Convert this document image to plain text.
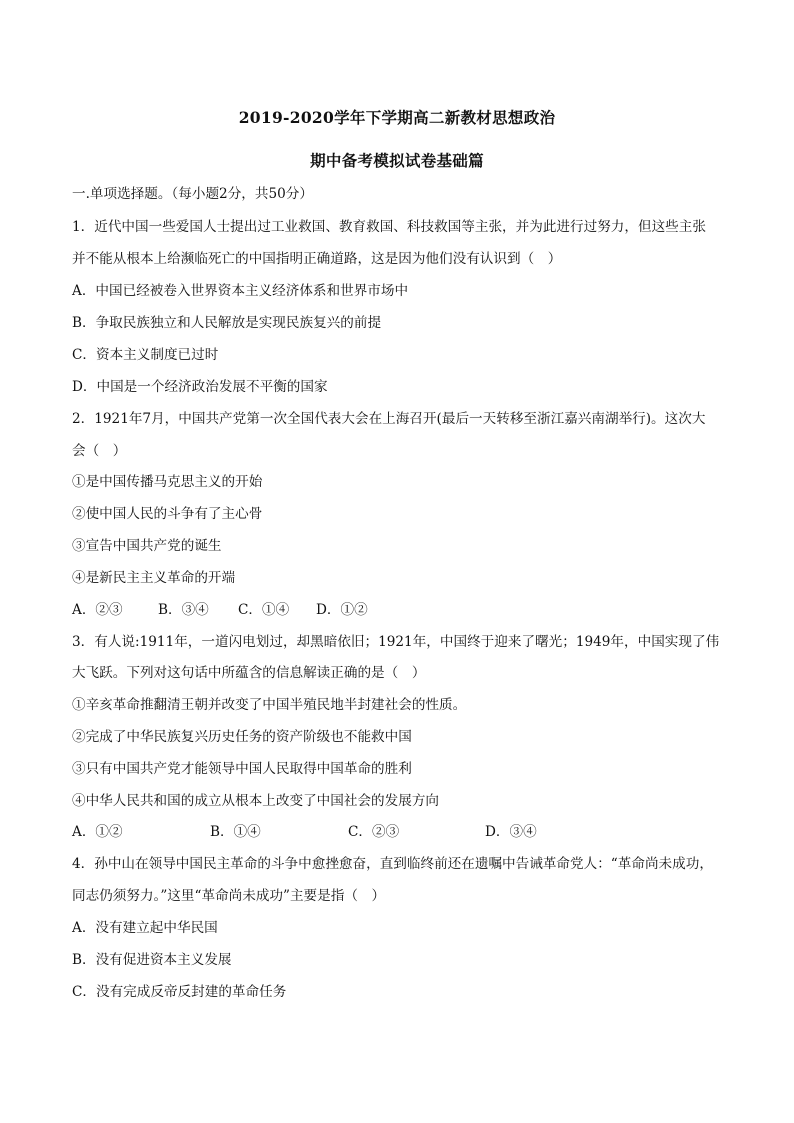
2019-2020学年下学期高二新教材思想政治
期中备考模拟试卷基础篇
一.单项选择题。（每小题2分，共50分）
1．近代中国一些爱国人士提出过工业救国、教育救国、科技救国等主张，并为此进行过努力，但这些主张
并不能从根本上给濒临死亡的中国指明正确道路，这是因为他们没有认识到（　）
A．中国已经被卷入世界资本主义经济体系和世界市场中
B．争取民族独立和人民解放是实现民族复兴的前提
C．资本主义制度已过时
D．中国是一个经济政治发展不平衡的国家
2．1921年7月，中国共产党第一次全国代表大会在上海召开(最后一天转移至浙江嘉兴南湖举行)。这次大
会（　）
①是中国传播马克思主义的开始
②使中国人民的斗争有了主心骨
③宣告中国共产党的诞生
④是新民主主义革命的开端
A．②③	B．③④ C．①④ D．①②
3．有人说:1911年，一道闪电划过，却黑暗依旧；1921年，中国终于迎来了曙光；1949年，中国实现了伟
大飞跃。下列对这句话中所蕴含的信息解读正确的是（　）
①辛亥革命推翻清王朝并改变了中国半殖民地半封建社会的性质。
②完成了中华民族复兴历史任务的资产阶级也不能救中国
③只有中国共产党才能领导中国人民取得中国革命的胜利
④中华人民共和国的成立从根本上改变了中国社会的发展方向
A．①②	B．①④	C．②③	D．③④
4．孙中山在领导中国民主革命的斗争中愈挫愈奋，直到临终前还在遗嘱中告诫革命党人：“革命尚未成功，
同志仍须努力。”这里“革命尚未成功”主要是指（　）
A．没有建立起中华民国
B．没有促进资本主义发展
C．没有完成反帝反封建的革命任务
